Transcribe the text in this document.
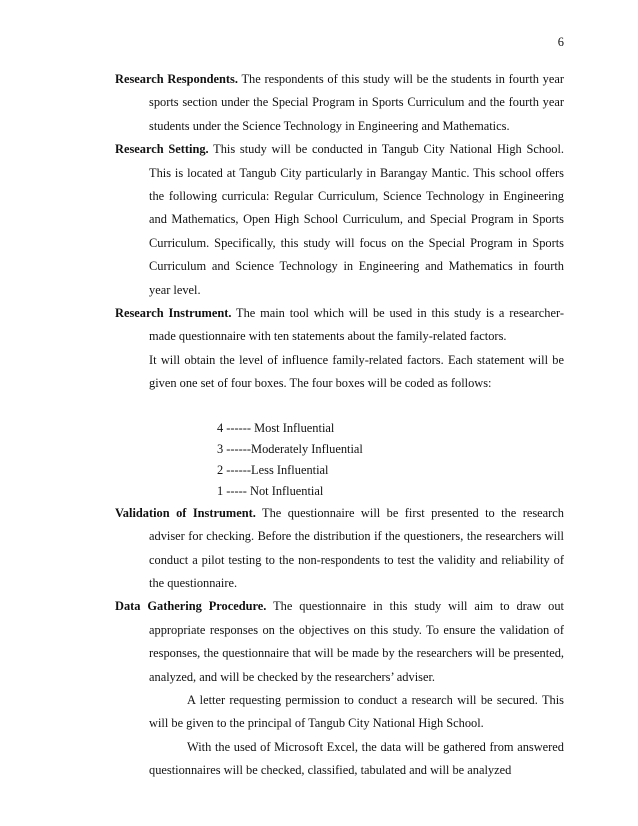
6

Research Respondents. The respondents of this study will be the students in fourth year sports section under the Special Program in Sports Curriculum and the fourth year students under the Science Technology in Engineering and Mathematics.

Research Setting. This study will be conducted in Tangub City National High School. This is located at Tangub City particularly in Barangay Mantic. This school offers the following curricula: Regular Curriculum, Science Technology in Engineering and Mathematics, Open High School Curriculum, and Special Program in Sports Curriculum. Specifically, this study will focus on the Special Program in Sports Curriculum and Science Technology in Engineering and Mathematics in fourth year level.

Research Instrument. The main tool which will be used in this study is a researcher-made questionnaire with ten statements about the family-related factors.

It will obtain the level of influence family-related factors. Each statement will be given one set of four boxes. The four boxes will be coded as follows:

4 ------ Most Influential
3 ------Moderately Influential
2 ------Less Influential
1 ----- Not Influential

Validation of Instrument. The questionnaire will be first presented to the research adviser for checking. Before the distribution if the questioners, the researchers will conduct a pilot testing to the non-respondents to test the validity and reliability of the questionnaire.

Data Gathering Procedure. The questionnaire in this study will aim to draw out appropriate responses on the objectives on this study. To ensure the validation of responses, the questionnaire that will be made by the researchers will be presented, analyzed, and will be checked by the researchers’ adviser.

A letter requesting permission to conduct a research will be secured. This will be given to the principal of Tangub City National High School.

With the used of Microsoft Excel, the data will be gathered from answered questionnaires will be checked, classified, tabulated and will be analyzed
